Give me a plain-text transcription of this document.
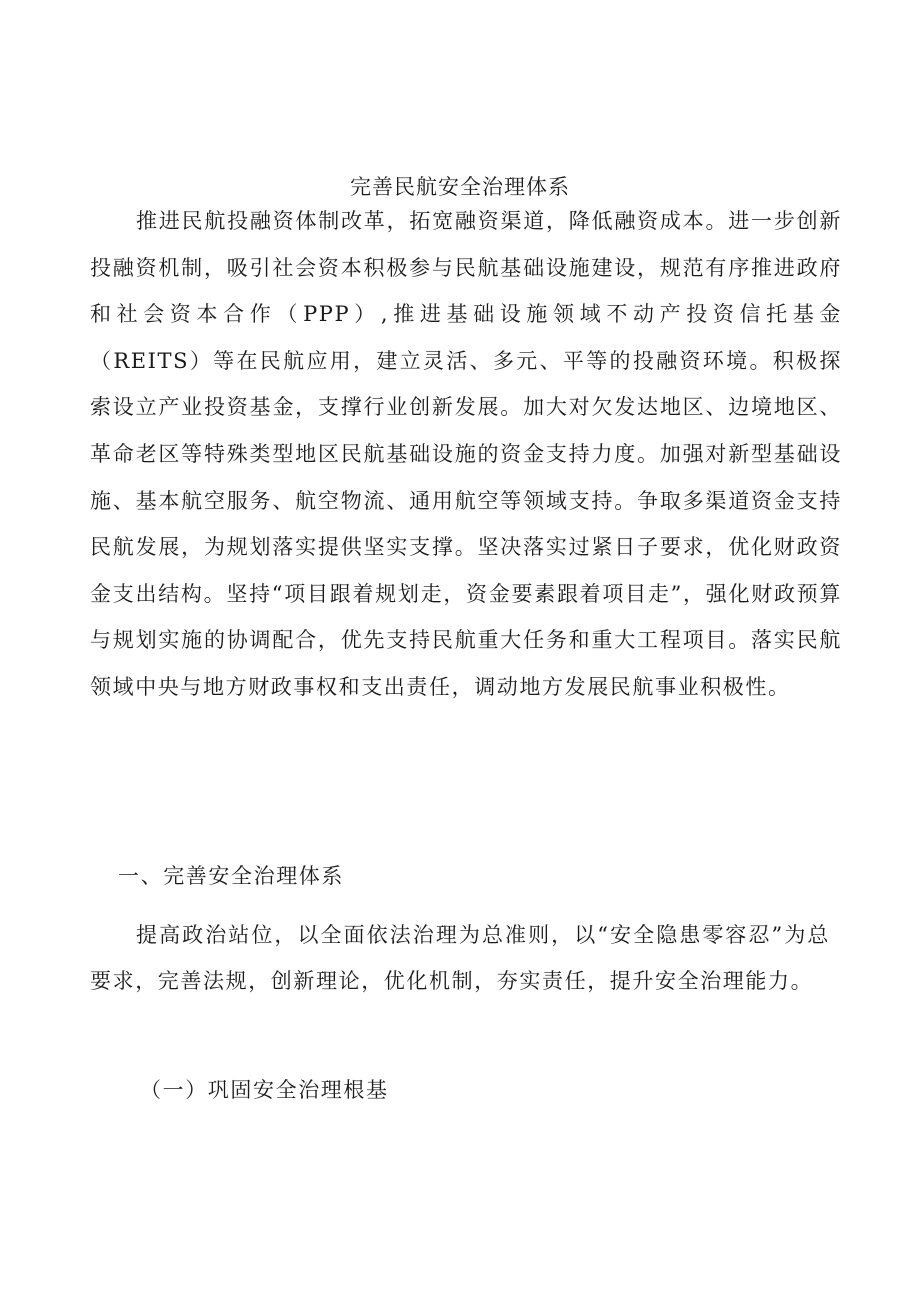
完善民航安全治理体系

推进民航投融资体制改革，拓宽融资渠道，降低融资成本。进一步创新投融资机制，吸引社会资本积极参与民航基础设施建设，规范有序推进政府和社会资本合作（PPP）,推进基础设施领域不动产投资信托基金（REITS）等在民航应用，建立灵活、多元、平等的投融资环境。积极探索设立产业投资基金，支撑行业创新发展。加大对欠发达地区、边境地区、革命老区等特殊类型地区民航基础设施的资金支持力度。加强对新型基础设施、基本航空服务、航空物流、通用航空等领域支持。争取多渠道资金支持民航发展，为规划落实提供坚实支撑。坚决落实过紧日子要求，优化财政资金支出结构。坚持“项目跟着规划走，资金要素跟着项目走”，强化财政预算与规划实施的协调配合，优先支持民航重大任务和重大工程项目。落实民航领域中央与地方财政事权和支出责任，调动地方发展民航事业积极性。

一、完善安全治理体系

提高政治站位，以全面依法治理为总准则，以“安全隐患零容忍”为总要求，完善法规，创新理论，优化机制，夯实责任，提升安全治理能力。

（一）巩固安全治理根基
